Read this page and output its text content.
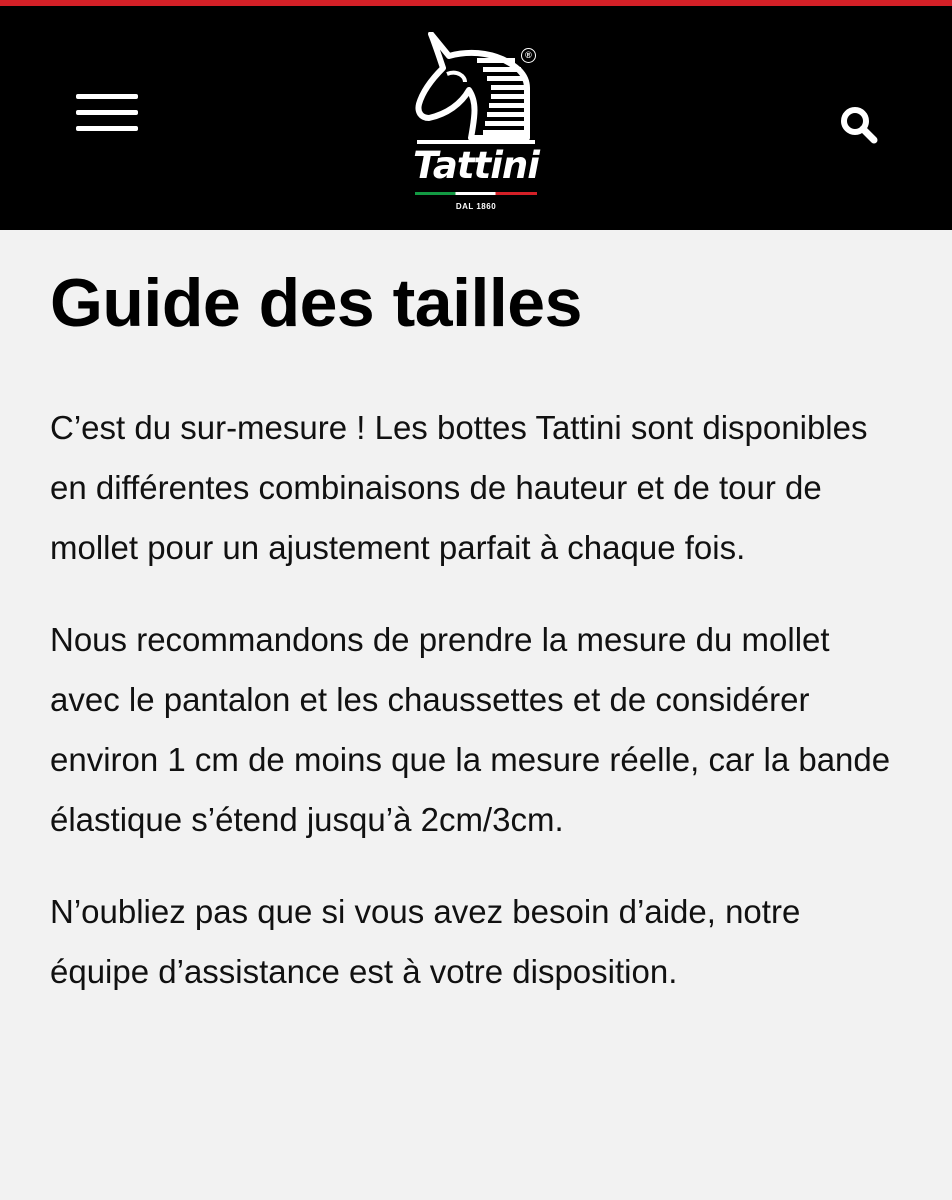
®
Tattini
DAL 1860
Guide des tailles

C’est du sur-mesure ! Les bottes Tattini sont disponibles en différentes combinaisons de hauteur et de tour de mollet pour un ajustement parfait à chaque fois.

Nous recommandons de prendre la mesure du mollet avec le pantalon et les chaussettes et de considérer environ 1 cm de moins que la mesure réelle, car la bande élastique s’étend jusqu’à 2cm/3cm.

N’oubliez pas que si vous avez besoin d’aide, notre équipe d’assistance est à votre disposition.
